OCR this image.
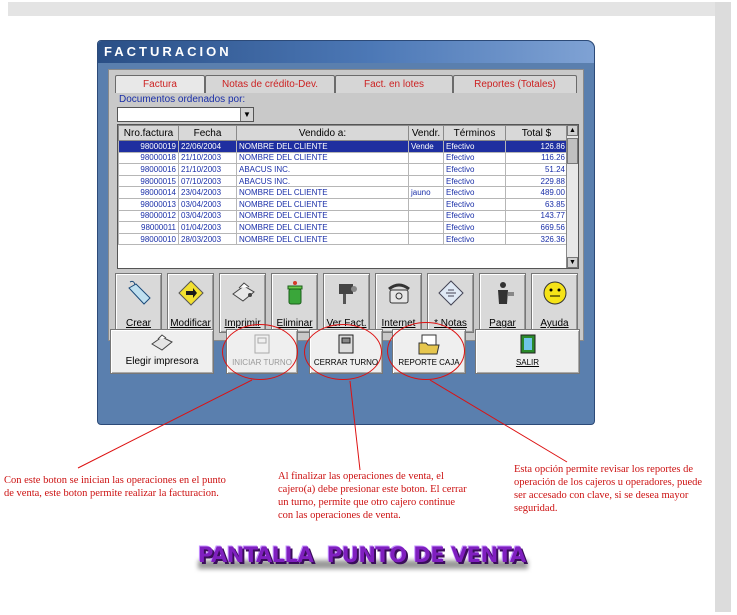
FACTURACION
Factura	Notas de crédito-Dev.	Fact. en lotes	Reportes (Totales)
Documentos ordenados por:
▼
Nro.factura	Fecha	Vendido a:	Vendr.	Términos	Total $
98000019	22/06/2004	NOMBRE DEL CLIENTE	Vende	Efectivo	126.86
98000018	21/10/2003	NOMBRE DEL CLIENTE		Efectivo	116.26
98000016	21/10/2003	ABACUS INC.		Efectivo	51.24
98000015	07/10/2003	ABACUS INC.		Efectivo	229.88
98000014	23/04/2003	NOMBRE DEL CLIENTE	jauno	Efectivo	489.00
98000013	03/04/2003	NOMBRE DEL CLIENTE		Efectivo	63.85
98000012	03/04/2003	NOMBRE DEL CLIENTE		Efectivo	143.77
98000011	01/04/2003	NOMBRE DEL CLIENTE		Efectivo	669.56
98000010	28/03/2003	NOMBRE DEL CLIENTE		Efectivo	326.36
▲
▼
Crear	Modificar	Imprimir	Eliminar	Ver Fact.	Internet	* Notas	Pagar	Ayuda
Elegir impresora	INICIAR TURNO	CERRAR TURNO	REPORTE CAJA	SALIR
Con este boton se inician las operaciones en el punto de venta, este boton permite realizar la facturacion.
Al finalizar las operaciones de venta, el cajero(a) debe presionar este boton. El cerrar un turno, permite que otro cajero continue con las operaciones de venta.
Esta opción permite revisar los reportes de operación de los cajeros u operadores, puede ser accesado con clave, si se desea mayor seguridad.
PANTALLA  PUNTO DE VENTA
